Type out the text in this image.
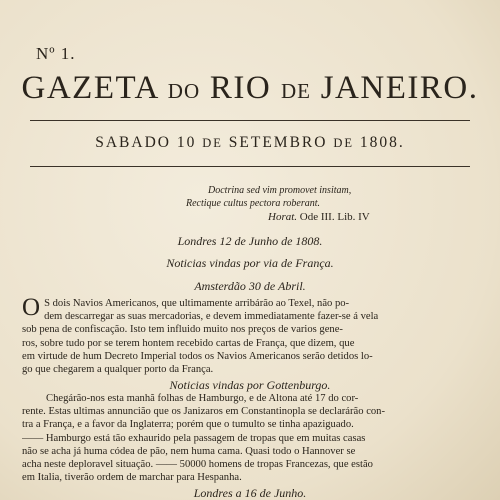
Nº 1.
GAZETA DO RIO DE JANEIRO.
SABADO 10 DE SETEMBRO DE 1808.
Doctrina sed vim promovet insitam,
Rectique cultus pectora roberant.
Horat. Ode III. Lib. IV
Londres 12 de Junho de 1808.
Noticias vindas por via de França.
Amsterdão 30 de Abril.
O S dois Navios Americanos, que ultimamente arribárão ao Texel, não po-
dem descarregar as suas mercadorias, e devem immediatamente fazer-se á vela
sob pena de confiscação. Isto tem influido muito nos preços de varios gene-
ros, sobre tudo por se terem hontem recebido cartas de França, que dizem, que
em virtude de hum Decreto Imperial todos os Navios Americanos serão detidos lo-
go que chegarem a qualquer porto da França.
Noticias vindas por Gottenburgo.
Chegárão-nos esta manhã folhas de Hamburgo, e de Altona até 17 do cor-
rente. Estas ultimas annuncião que os Janizaros em Constantinopla se declarárão con-
tra a França, e a favor da Inglaterra; porém que o tumulto se tinha apaziguado.
—— Hamburgo está tão exhaurido pela passagem de tropas que em muitas casas
não se acha já huma códea de pão, nem huma cama. Quasi todo o Hannover se
acha neste deploravel situação. —— 50000 homens de tropas Francezas, que estão
em Italia, tiverão ordem de marchar para Hespanha.
Londres a 16 de Junho.
